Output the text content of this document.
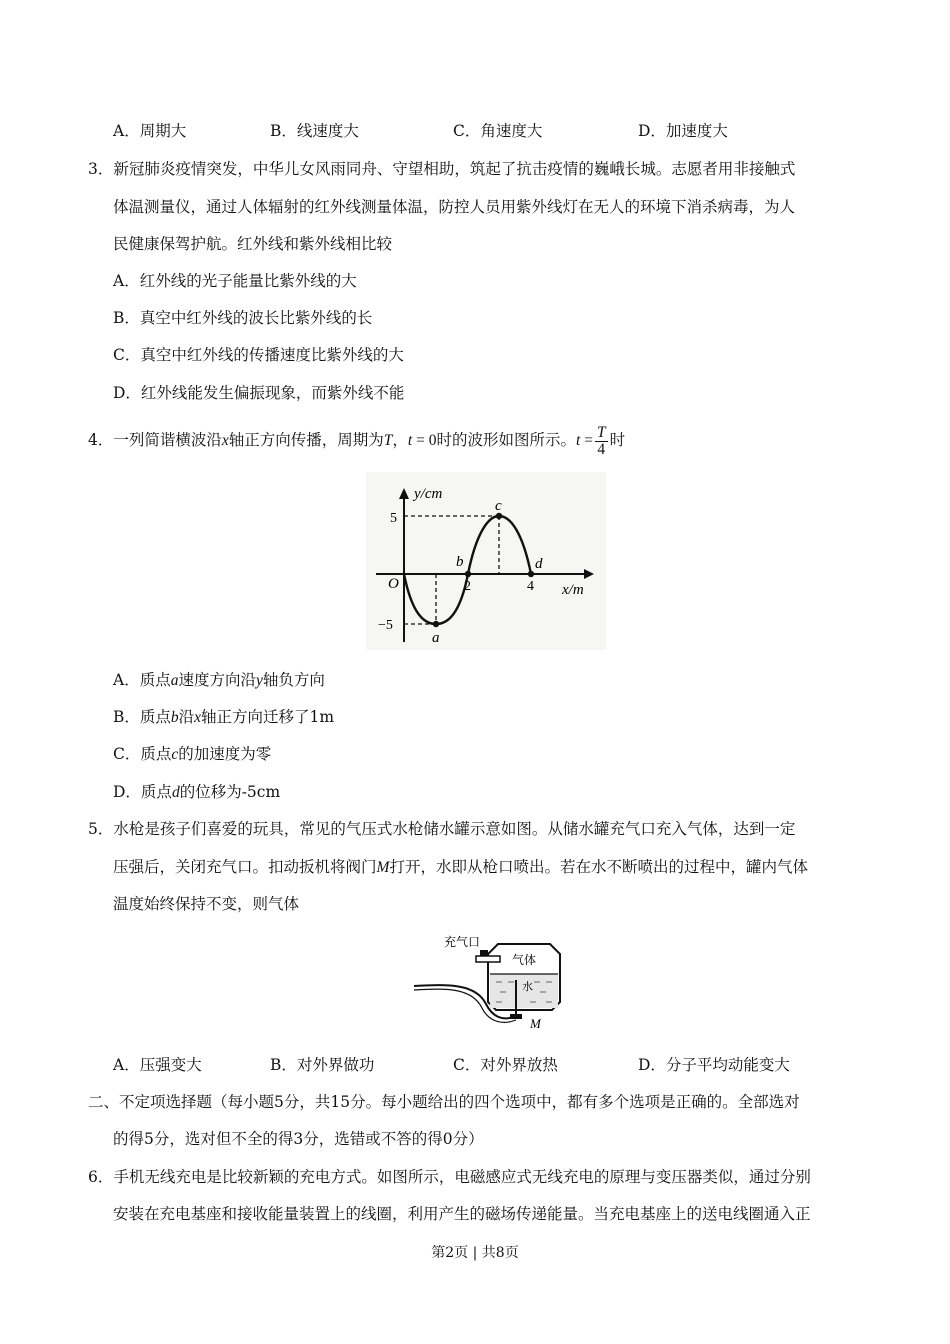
A．周期大	B．线速度大	C．角速度大	D．加速度大
3．新冠肺炎疫情突发，中华儿女风雨同舟、守望相助，筑起了抗击疫情的巍峨长城。志愿者用非接触式
体温测量仪，通过人体辐射的红外线测量体温，防控人员用紫外线灯在无人的环境下消杀病毒，为人
民健康保驾护航。红外线和紫外线相比较
A．红外线的光子能量比紫外线的大
B．真空中红外线的波长比紫外线的长
C．真空中红外线的传播速度比紫外线的大
D．红外线能发生偏振现象，而紫外线不能
4．一列简谐横波沿x轴正方向传播，周期为T，t = 0时的波形如图所示。$t = \frac{T}{4}$ 时
y/cm
x/m
O
5
−5
2	4
a
b
c
d
A．质点a速度方向沿y轴负方向
B．质点b沿x轴正方向迁移了1m
C．质点c的加速度为零
D．质点d的位移为-5cm
5．水枪是孩子们喜爱的玩具，常见的气压式水枪储水罐示意如图。从储水罐充气口充入气体，达到一定
压强后，关闭充气口。扣动扳机将阀门M打开，水即从枪口喷出。若在水不断喷出的过程中，罐内气体
温度始终保持不变，则气体
充气口
气体
水
M
A．压强变大	B．对外界做功	C．对外界放热	D．分子平均动能变大
二、不定项选择题（每小题5分，共15分。每小题给出的四个选项中，都有多个选项是正确的。全部选对
的得5分，选对但不全的得3分，选错或不答的得0分）
6．手机无线充电是比较新颖的充电方式。如图所示，电磁感应式无线充电的原理与变压器类似，通过分别
安装在充电基座和接收能量装置上的线圈，利用产生的磁场传递能量。当充电基座上的送电线圈通入正
第2页 | 共8页
